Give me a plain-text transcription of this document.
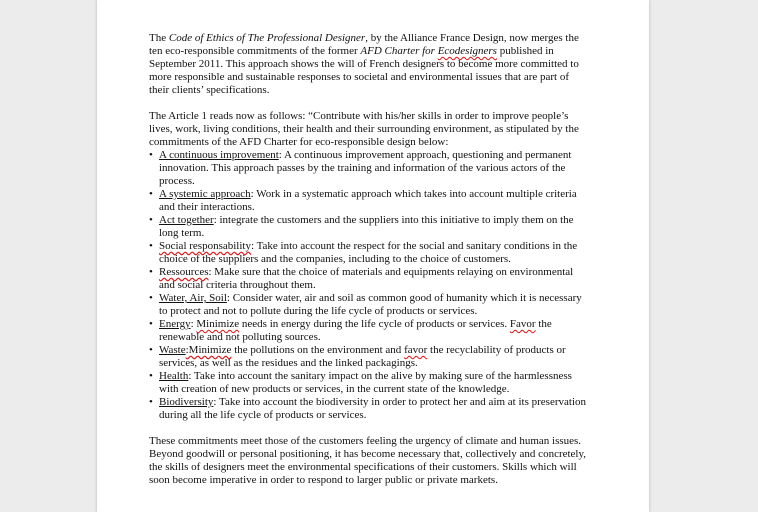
The Code of Ethics of The Professional Designer, by the Alliance France Design, now merges the ten eco-responsible commitments of the former AFD Charter for Ecodesigners published in September 2011. This approach shows the will of French designers to become more committed to more responsible and sustainable responses to societal and environmental issues that are part of their clients’ specifications.

The Article 1 reads now as follows: “Contribute with his/her skills in order to improve people’s lives, work, living conditions, their health and their surrounding environment, as stipulated by the commitments of the AFD Charter for eco-responsible design below:

• A continuous improvement: A continuous improvement approach, questioning and permanent innovation. This approach passes by the training and information of the various actors of the process.
• A systemic approach: Work in a systematic approach which takes into account multiple criteria and their interactions.
• Act together: integrate the customers and the suppliers into this initiative to imply them on the long term.
• Social responsability: Take into account the respect for the social and sanitary conditions in the choice of the suppliers and the companies, including to the choice of customers.
• Ressources: Make sure that the choice of materials and equipments relaying on environmental and social criteria throughout them.
• Water, Air, Soil: Consider water, air and soil as common good of humanity which it is necessary to protect and not to pollute during the life cycle of products or services.
• Energy: Minimize needs in energy during the life cycle of products or services. Favor the renewable and not polluting sources.
• Waste:Minimize the pollutions on the environment and favor the recyclability of products or services, as well as the residues and the linked packagings.
• Health: Take into account the sanitary impact on the alive by making sure of the harmlessness with creation of new products or services, in the current state of the knowledge.
• Biodiversity: Take into account the biodiversity in order to protect her and aim at its preservation during all the life cycle of products or services.

These commitments meet those of the customers feeling the urgency of climate and human issues. Beyond goodwill or personal positioning, it has become necessary that, collectively and concretely, the skills of designers meet the environmental specifications of their customers. Skills which will soon become imperative in order to respond to larger public or private markets.
